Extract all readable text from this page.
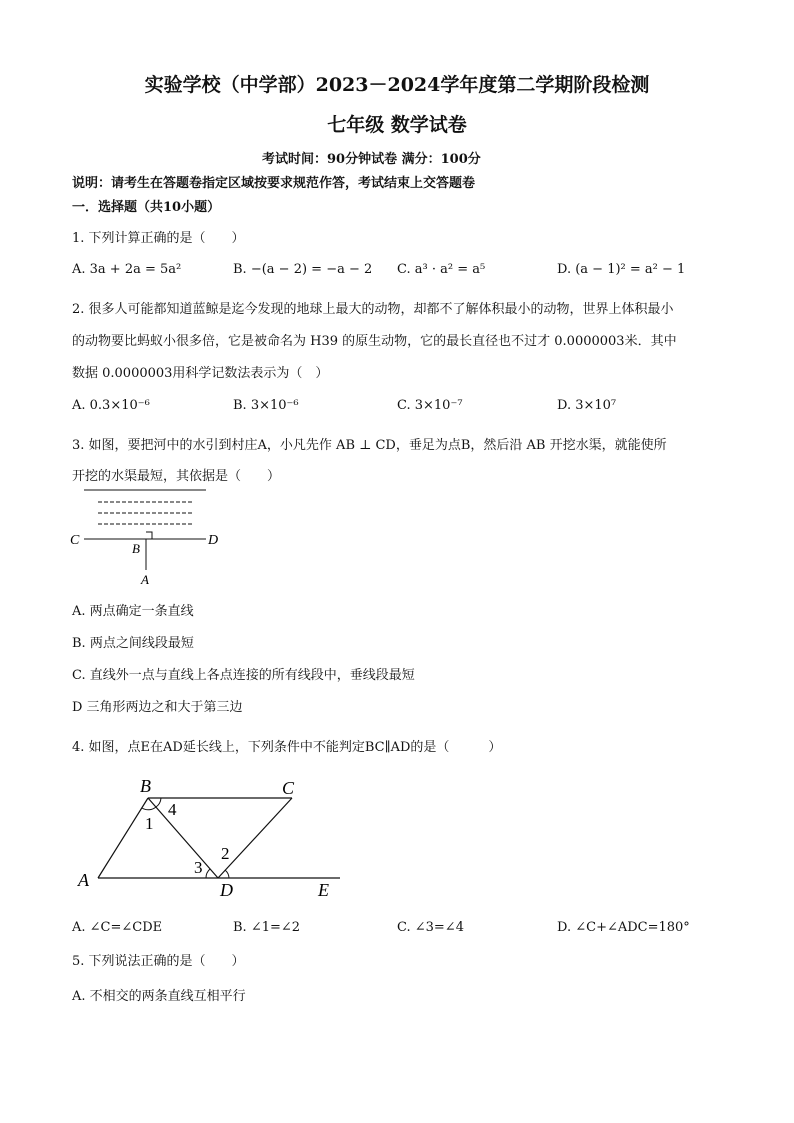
实验学校（中学部）2023－2024学年度第二学期阶段检测
七年级 数学试卷
考试时间：90分钟试卷 满分：100分
说明：请考生在答题卷指定区域按要求规范作答，考试结束上交答题卷
一．选择题（共10小题）
1. 下列计算正确的是（　　）
A. 3a + 2a = 5a²	B. −(a − 2) = −a − 2 C. a³ · a² = a⁵	D. (a − 1)² = a² − 1
2. 很多人可能都知道蓝鲸是迄今发现的地球上最大的动物，却都不了解体积最小的动物，世界上体积最小
的动物要比蚂蚁小很多倍，它是被命名为 H39 的原生动物，它的最长直径也不过才 0.0000003米．其中
数据 0.0000003用科学记数法表示为（　）
A. 0.3×10⁻⁶	B. 3×10⁻⁶	C. 3×10⁻⁷	D. 3×10⁷
3. 如图，要把河中的水引到村庄A，小凡先作 AB ⊥ CD，垂足为点B，然后沿 AB 开挖水渠，就能使所
开挖的水渠最短，其依据是（　　）
C
B
D
A
A. 两点确定一条直线
B. 两点之间线段最短
C. 直线外一点与直线上各点连接的所有线段中，垂线段最短
D 三角形两边之和大于第三边
4. 如图，点E在AD延长线上，下列条件中不能判定BC∥AD的是（　　　）
B	C
A	D	E
1
4
3
2
A. ∠C=∠CDE	B. ∠1=∠2	C. ∠3=∠4	D. ∠C+∠ADC=180°
5. 下列说法正确的是（　　）
A. 不相交的两条直线互相平行
